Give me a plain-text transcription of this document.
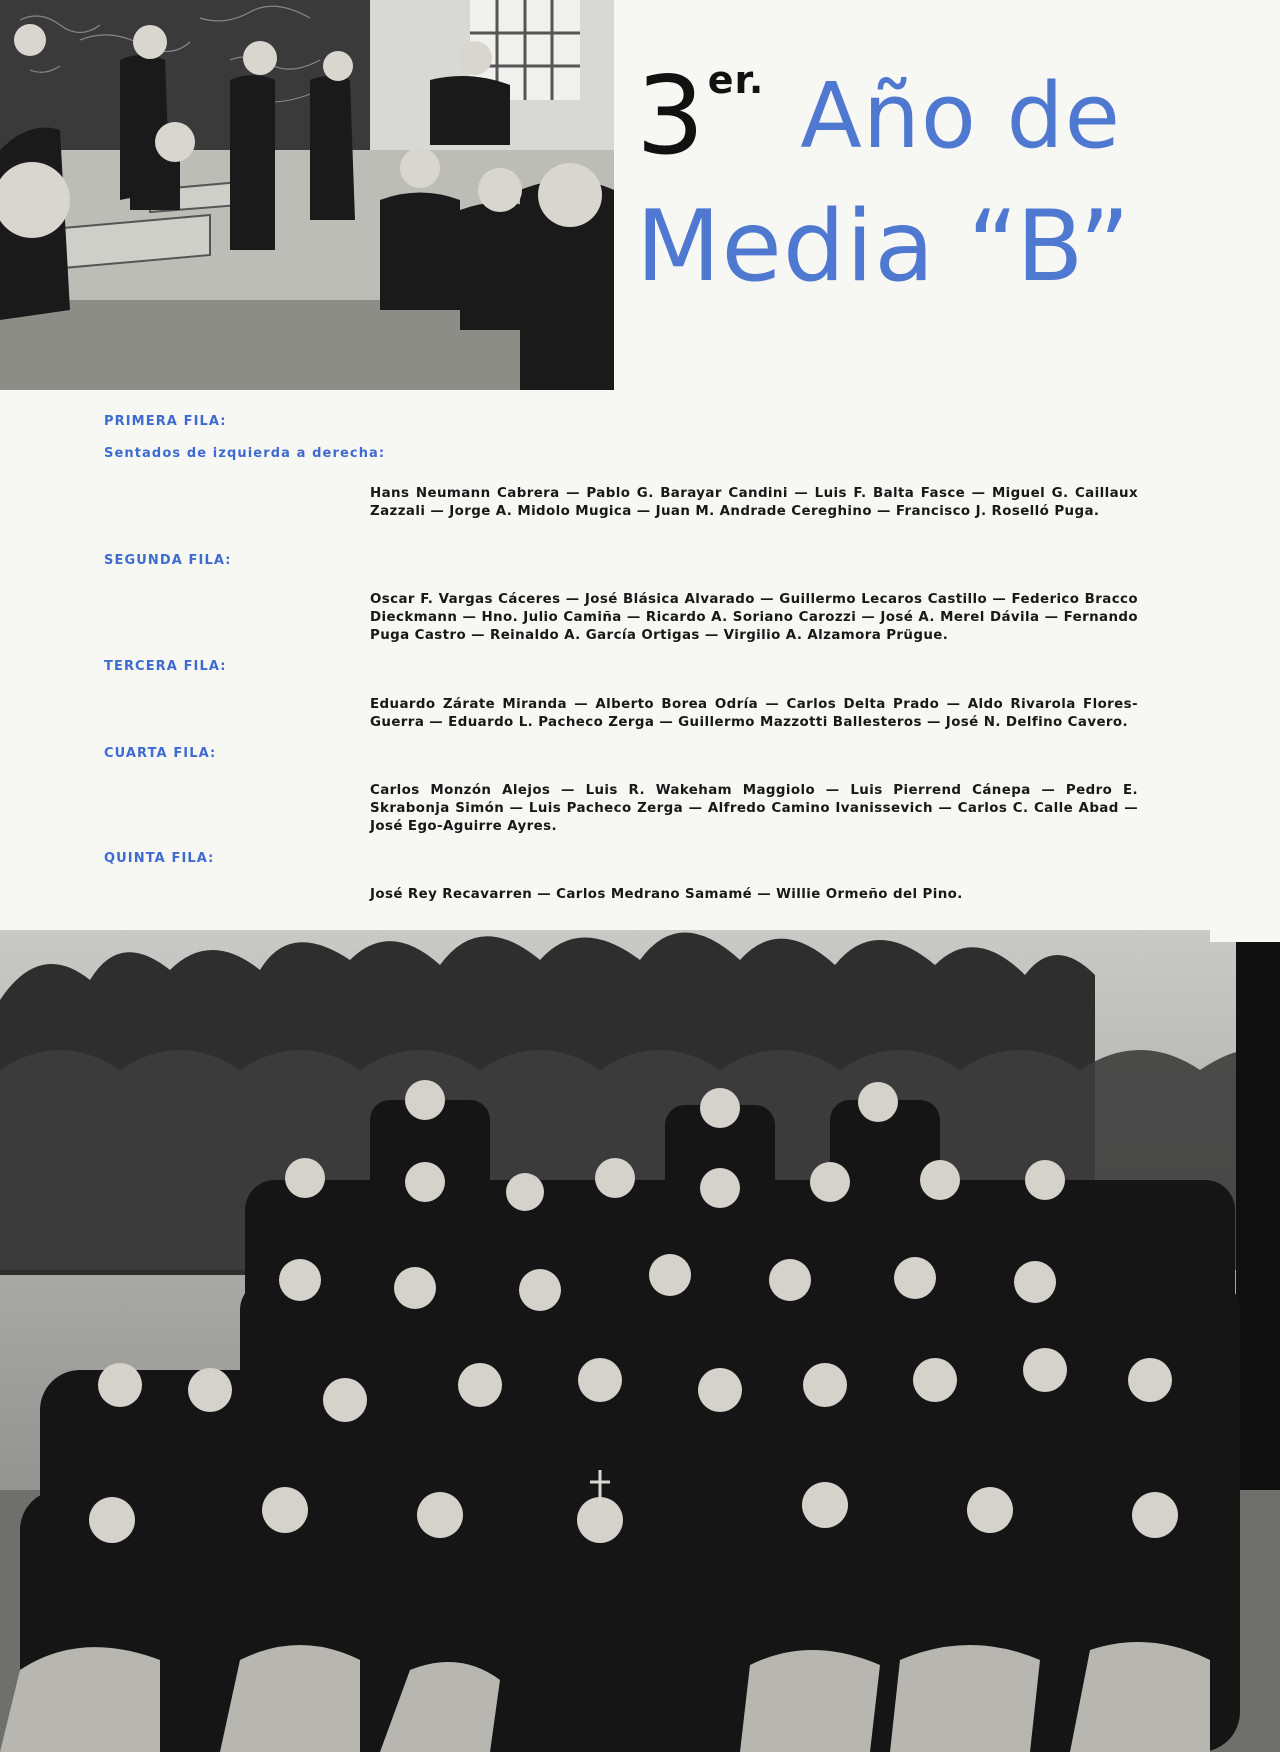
$3^{er.}$ Año de
Media “B”
PRIMERA FILA:
Sentados de izquierda a derecha:
Hans Neumann Cabrera — Pablo G. Barayar Candini — Luis F. Balta Fasce — Miguel G. Caillaux Zazzali — Jorge A. Midolo Mugica — Juan M. Andrade Cereghino — Francisco J. Roselló Puga.
SEGUNDA FILA:
Oscar F. Vargas Cáceres — José Blásica Alvarado — Guillermo Lecaros Castillo — Federico Bracco Dieckmann — Hno. Julio Camiña — Ricardo A. Soriano Carozzi — José A. Merel Dávila — Fernando Puga Castro — Reinaldo A. García Ortigas — Virgilio A. Alzamora Prügue.
TERCERA FILA:
Eduardo Zárate Miranda — Alberto Borea Odría — Carlos Delta Prado — Aldo Rivarola Flores-Guerra — Eduardo L. Pacheco Zerga — Guillermo Mazzotti Ballesteros — José N. Delfino Cavero.
CUARTA FILA:
Carlos Monzón Alejos — Luis R. Wakeham Maggiolo — Luis Pierrend Cánepa — Pedro E. Skrabonja Simón — Luis Pacheco Zerga — Alfredo Camino Ivanissevich — Carlos C. Calle Abad — José Ego-Aguirre Ayres.
QUINTA FILA:
José Rey Recavarren — Carlos Medrano Samamé — Willie Ormeño del Pino.
